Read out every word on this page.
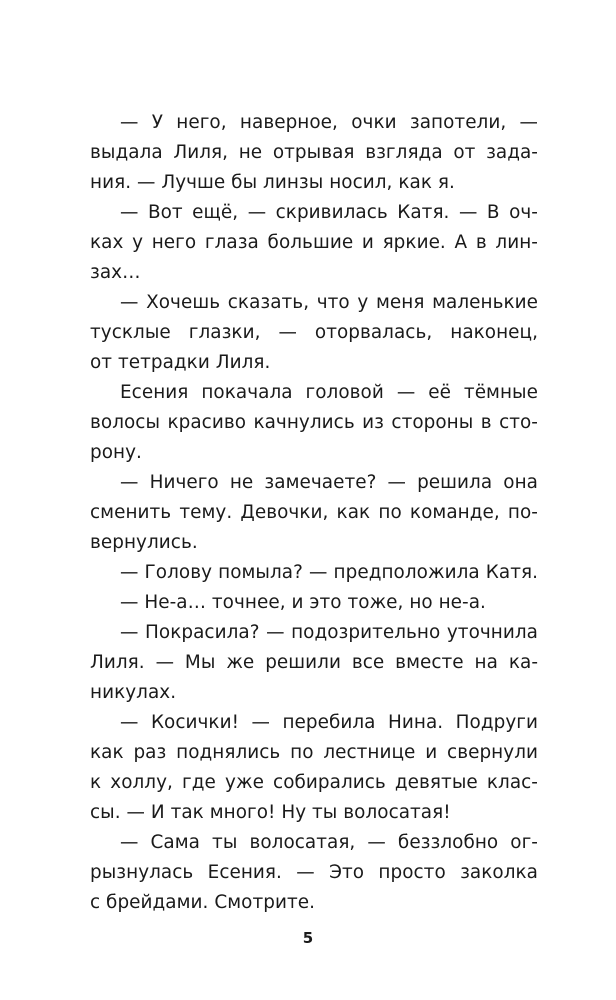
— У него, наверное, очки запотели, —
выдала Лиля, не отрывая взгляда от зада-
ния. — Лучше бы линзы носил, как я.
— Вот ещё, — скривилась Катя. — В оч-
ках у него глаза большие и яркие. А в лин-
зах…
— Хочешь сказать, что у меня маленькие
тусклые глазки, — оторвалась, наконец,
от тетрадки Лиля.
Есения покачала головой — её тёмные
волосы красиво качнулись из стороны в сто-
рону.
— Ничего не замечаете? — решила она
сменить тему. Девочки, как по команде, по-
вернулись.
— Голову помыла? — предположила Катя.
— Не-а… точнее, и это тоже, но не-а.
— Покрасила? — подозрительно уточнила
Лиля. — Мы же решили все вместе на ка-
никулах.
— Косички! — перебила Нина. Подруги
как раз поднялись по лестнице и свернули
к холлу, где уже собирались девятые клас-
сы. — И так много! Ну ты волосатая!
— Сама ты волосатая, — беззлобно ог-
рызнулась Есения. — Это просто заколка
с брейдами. Смотрите.
5
